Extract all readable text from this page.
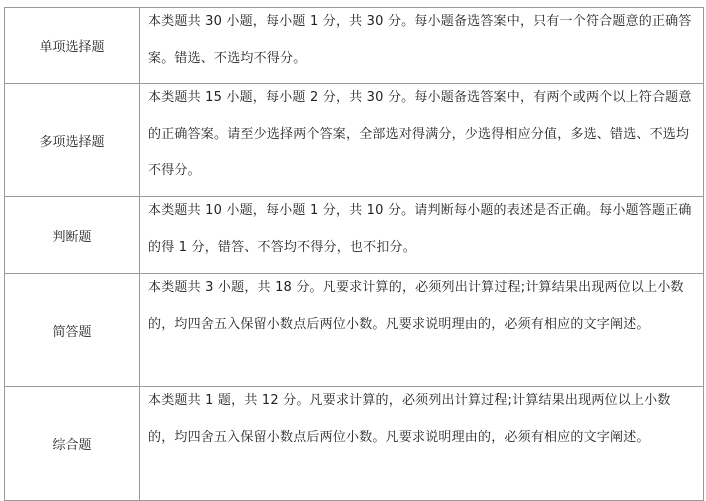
单项选择题	本类题共 30 小题，每小题 1 分，共 30 分。每小题备选答案中，只有一个符合题意的正确答案。错选、不选均不得分。

多项选择题	本类题共 15 小题，每小题 2 分，共 30 分。每小题备选答案中，有两个或两个以上符合题意的正确答案。请至少选择两个答案，全部选对得满分，少选得相应分值，多选、错选、不选均不得分。

判断题	本类题共 10 小题，每小题 1 分，共 10 分。请判断每小题的表述是否正确。每小题答题正确的得 1 分，错答、不答均不得分，也不扣分。

简答题	本类题共 3 小题，共 18 分。凡要求计算的，必须列出计算过程;计算结果出现两位以上小数的，均四舍五入保留小数点后两位小数。凡要求说明理由的，必须有相应的文字阐述。

综合题	本类题共 1 题，共 12 分。凡要求计算的，必须列出计算过程;计算结果出现两位以上小数的，均四舍五入保留小数点后两位小数。凡要求说明理由的，必须有相应的文字阐述。
